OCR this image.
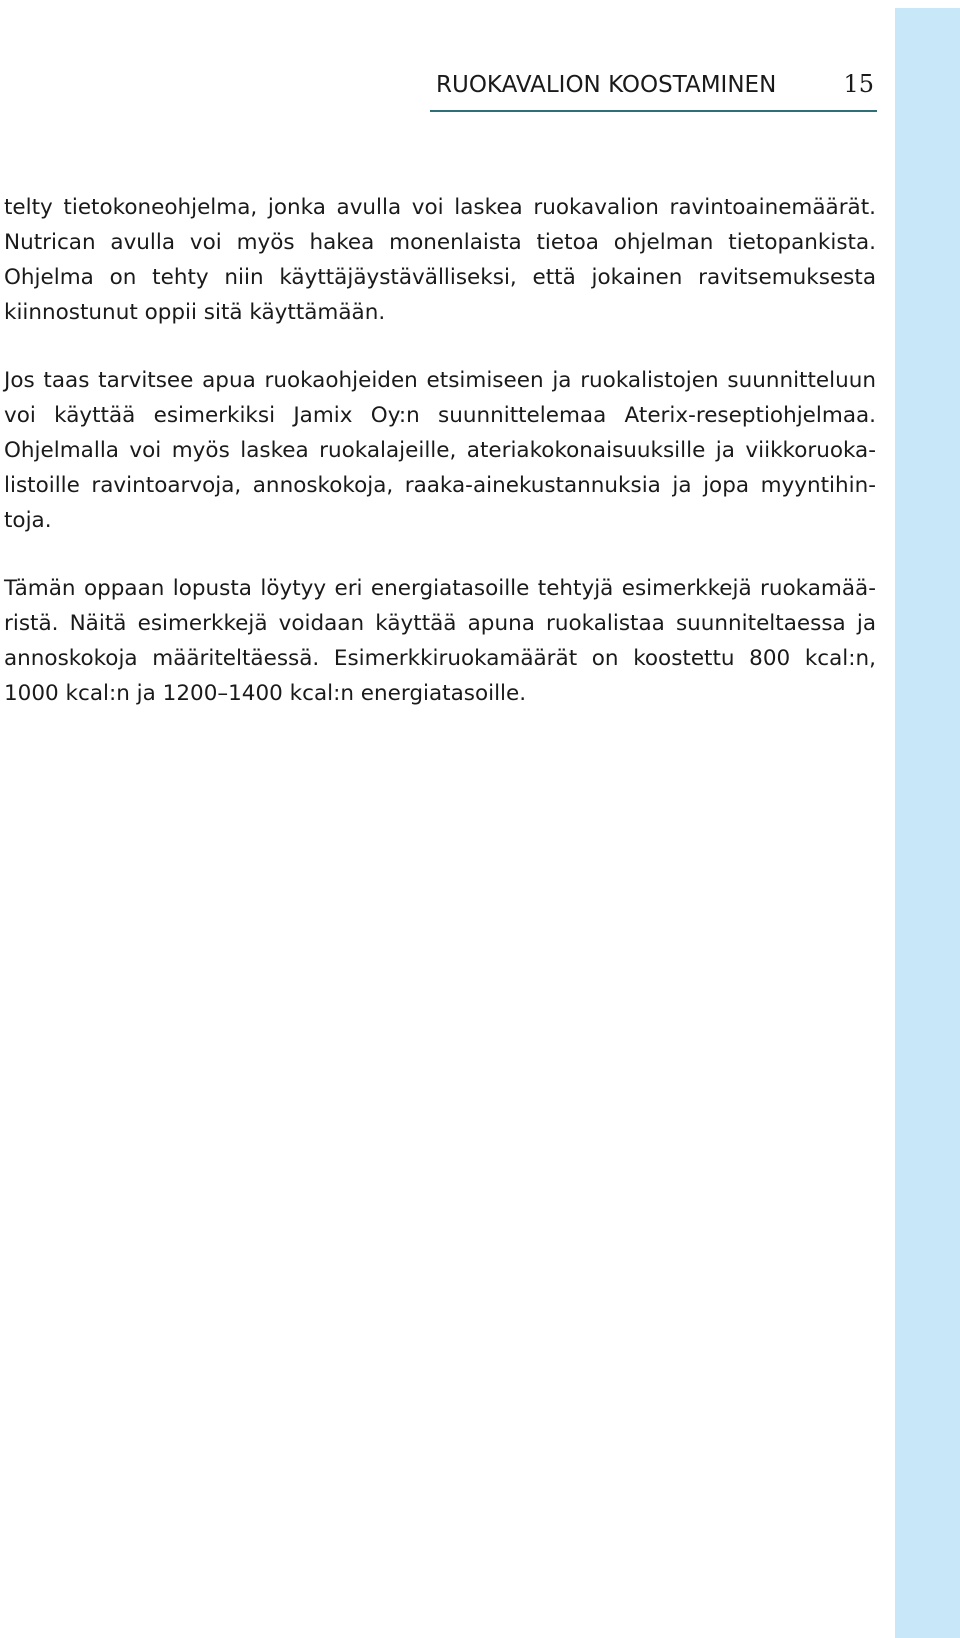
RUOKAVALION KOOSTAMINEN	15

telty tietokoneohjelma, jonka avulla voi laskea ruokavalion ravintoainemäärät. Nutrican avulla voi myös hakea monenlaista tietoa ohjelman tietopankista. Ohjelma on tehty niin käyttäjäystävälliseksi, että jokainen ravitsemuksesta kiinnostunut oppii sitä käyttämään.

Jos taas tarvitsee apua ruokaohjeiden etsimiseen ja ruokalistojen suunnitteluun voi käyttää esimerkiksi Jamix Oy:n suunnittelemaa Aterix-reseptiohjelmaa. Ohjelmalla voi myös laskea ruokalajeille, ateriakokonaisuuksille ja viikkoruokalistoille ravintoarvoja, annoskokoja, raaka-ainekustannuksia ja jopa myyntihintoja.

Tämän oppaan lopusta löytyy eri energiatasoille tehtyjä esimerkkejä ruokamääristä. Näitä esimerkkejä voidaan käyttää apuna ruokalistaa suunniteltaessa ja annoskokoja määriteltäessä. Esimerkkiruokamäärät on koostettu 800 kcal:n, 1000 kcal:n ja 1200–1400 kcal:n energiatasoille.
